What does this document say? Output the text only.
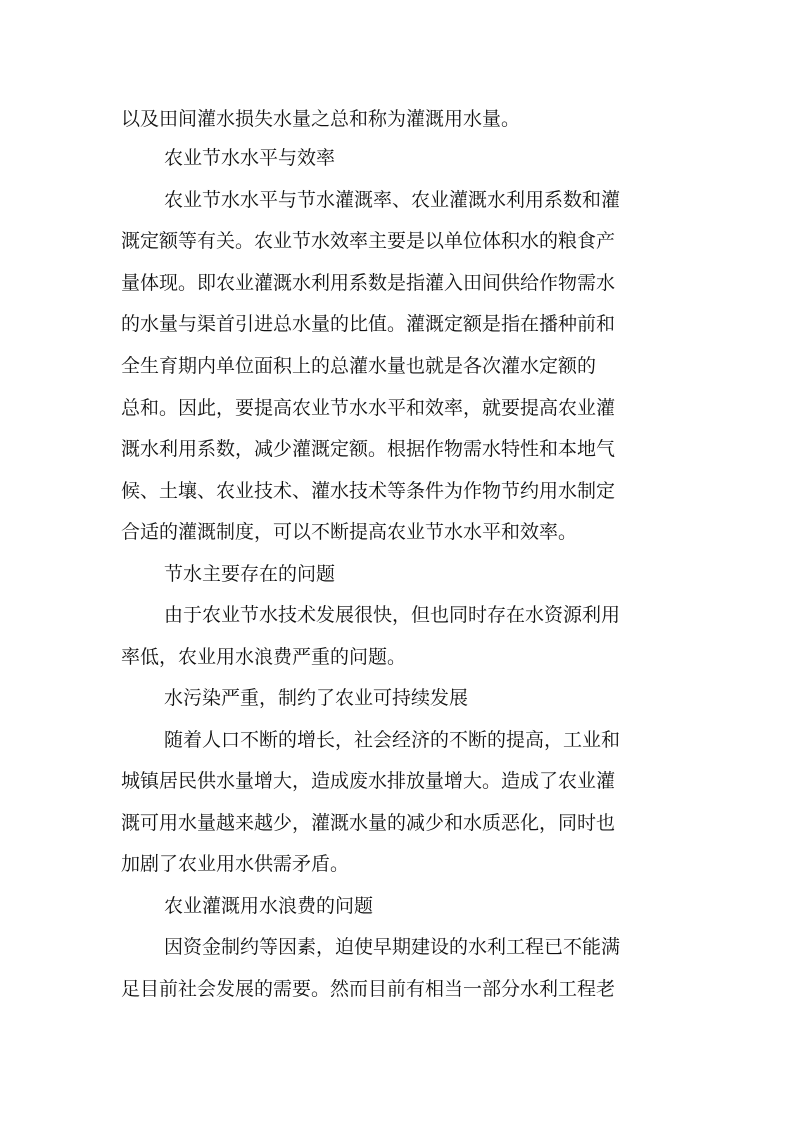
以及田间灌水损失水量之总和称为灌溉用水量。
农业节水水平与效率
农业节水水平与节水灌溉率、农业灌溉水利用系数和灌
溉定额等有关。农业节水效率主要是以单位体积水的粮食产
量体现。即农业灌溉水利用系数是指灌入田间供给作物需水
的水量与渠首引进总水量的比值。灌溉定额是指在播种前和
全生育期内单位面积上的总灌水量也就是各次灌水定额的
总和。因此，要提高农业节水水平和效率，就要提高农业灌
溉水利用系数，减少灌溉定额。根据作物需水特性和本地气
候、土壤、农业技术、灌水技术等条件为作物节约用水制定
合适的灌溉制度，可以不断提高农业节水水平和效率。
节水主要存在的问题
由于农业节水技术发展很快，但也同时存在水资源利用
率低，农业用水浪费严重的问题。
水污染严重，制约了农业可持续发展
随着人口不断的增长，社会经济的不断的提高，工业和
城镇居民供水量增大，造成废水排放量增大。造成了农业灌
溉可用水量越来越少，灌溉水量的减少和水质恶化，同时也
加剧了农业用水供需矛盾。
农业灌溉用水浪费的问题
因资金制约等因素，迫使早期建设的水利工程已不能满
足目前社会发展的需要。然而目前有相当一部分水利工程老
